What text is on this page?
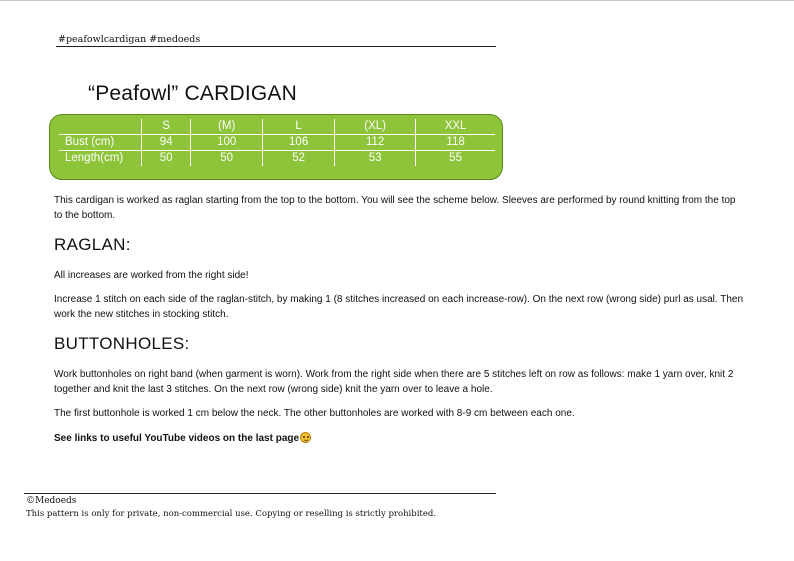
#peafowlcardigan #medoeds
“Peafowl” CARDIGAN
	S	(M)	L	(XL)	XXL
Bust (cm)	94	100	106	112	118
Length(cm)	50	50	52	53	55
This cardigan is worked as raglan starting from the top to the bottom. You will see the scheme below. Sleeves are performed by round knitting from the top to the bottom.
RAGLAN:
All increases are worked from the right side!
Increase 1 stitch on each side of the raglan-stitch, by making 1 (8 stitches increased on each increase-row). On the next row (wrong side) purl as usal. Then work the new stitches in stocking stitch.
BUTTONHOLES:
Work buttonholes on right band (when garment is worn). Work from the right side when there are 5 stitches left on row as follows: make 1 yarn over, knit 2 together and knit the last 3 stitches. On the next row (wrong side) knit the yarn over to leave a hole.
The first buttonhole is worked 1 cm below the neck. The other buttonholes are worked with 8-9 cm between each one.
See links to useful YouTube videos on the last page
©Medoeds
This pattern is only for private, non-commercial use. Copying or reselling is strictly prohibited.
